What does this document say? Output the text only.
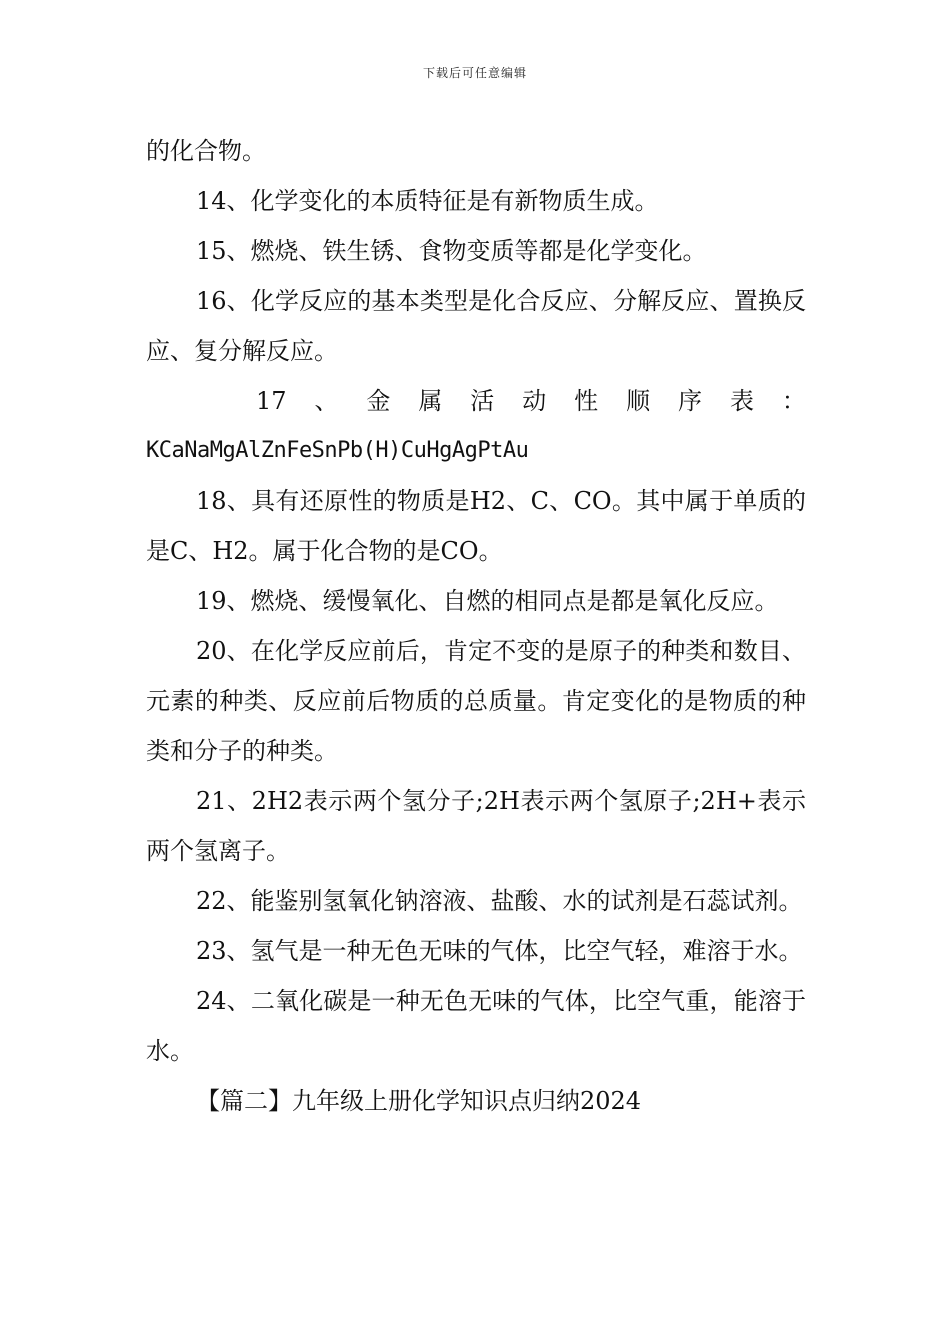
下载后可任意编辑

的化合物。

14、化学变化的本质特征是有新物质生成。

15、燃烧、铁生锈、食物变质等都是化学变化。

16、化学反应的基本类型是化合反应、分解反应、置换反应、复分解反应。

17 、 金 属 活 动 性 顺 序 表 ：

KCaNaMgAlZnFeSnPb(H)CuHgAgPtAu

18、具有还原性的物质是H2、C、CO。其中属于单质的是C、H2。属于化合物的是CO。

19、燃烧、缓慢氧化、自燃的相同点是都是氧化反应。

20、在化学反应前后，肯定不变的是原子的种类和数目、元素的种类、反应前后物质的总质量。肯定变化的是物质的种类和分子的种类。

21、2H2表示两个氢分子;2H表示两个氢原子;2H+表示两个氢离子。

22、能鉴别氢氧化钠溶液、盐酸、水的试剂是石蕊试剂。

23、氢气是一种无色无味的气体，比空气轻，难溶于水。

24、二氧化碳是一种无色无味的气体，比空气重，能溶于水。

【篇二】九年级上册化学知识点归纳2024
